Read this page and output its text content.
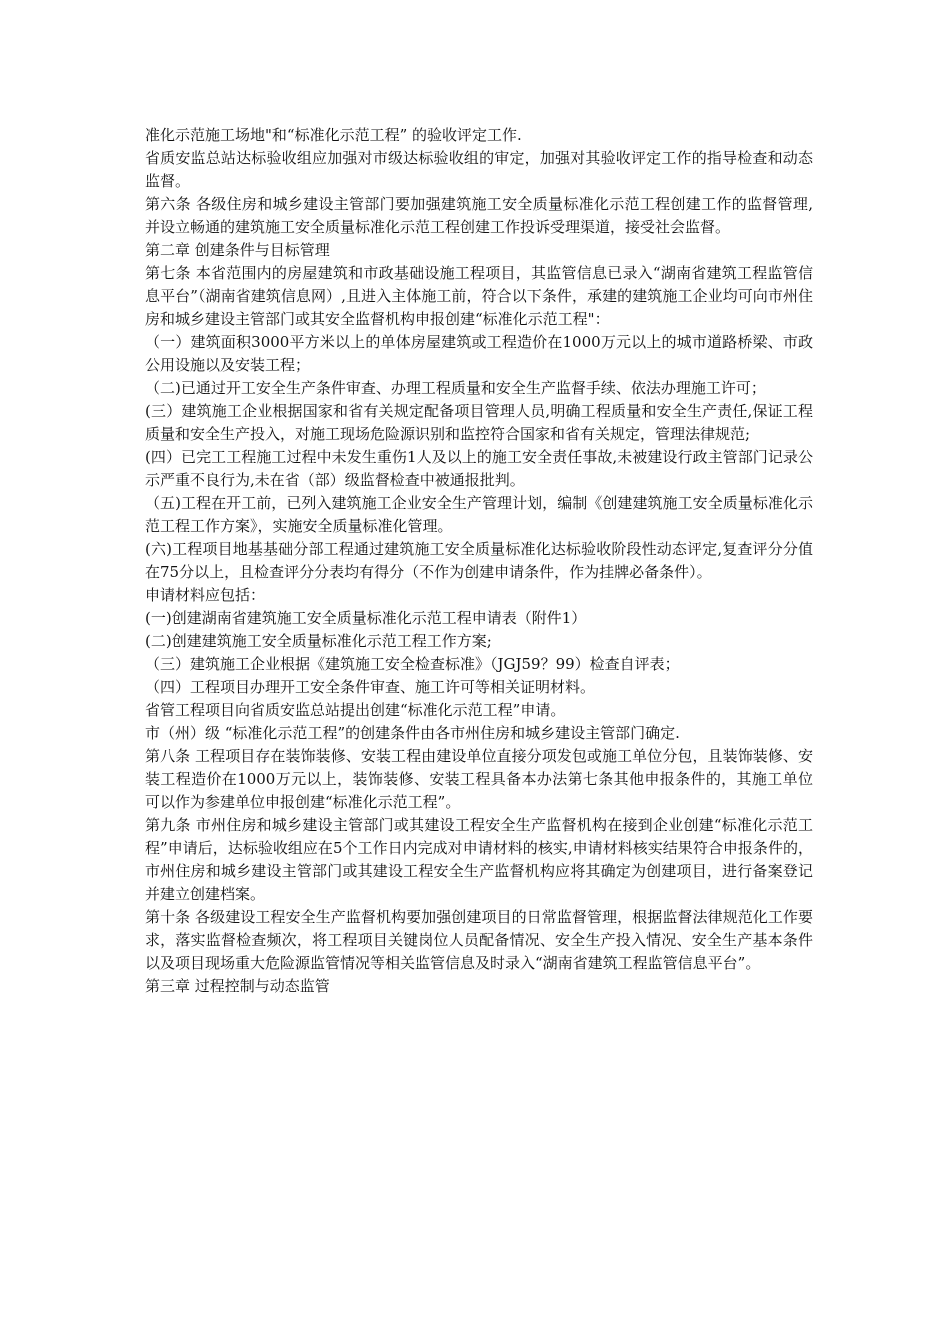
准化示范施工场地"和“标准化示范工程” 的验收评定工作.

省质安监总站达标验收组应加强对市级达标验收组的审定，加强对其验收评定工作的指导检查和动态监督。

第六条 各级住房和城乡建设主管部门要加强建筑施工安全质量标准化示范工程创建工作的监督管理,并设立畅通的建筑施工安全质量标准化示范工程创建工作投诉受理渠道，接受社会监督。

第二章 创建条件与目标管理

第七条 本省范围内的房屋建筑和市政基础设施工程项目，其监管信息已录入“湖南省建筑工程监管信息平台”（湖南省建筑信息网）,且进入主体施工前，符合以下条件，承建的建筑施工企业均可向市州住房和城乡建设主管部门或其安全监督机构申报创建“标准化示范工程"：

（一）建筑面积3000平方米以上的单体房屋建筑或工程造价在1000万元以上的城市道路桥梁、市政公用设施以及安装工程；

（二)已通过开工安全生产条件审查、办理工程质量和安全生产监督手续、依法办理施工许可；

(三）建筑施工企业根据国家和省有关规定配备项目管理人员,明确工程质量和安全生产责任,保证工程质量和安全生产投入，对施工现场危险源识别和监控符合国家和省有关规定，管理法律规范;

(四）已完工工程施工过程中未发生重伤1人及以上的施工安全责任事故,未被建设行政主管部门记录公示严重不良行为,未在省（部）级监督检查中被通报批判。

（五)工程在开工前，已列入建筑施工企业安全生产管理计划，编制《创建建筑施工安全质量标准化示范工程工作方案》，实施安全质量标准化管理。

(六)工程项目地基基础分部工程通过建筑施工安全质量标准化达标验收阶段性动态评定,复查评分分值在75分以上，且检查评分分表均有得分（不作为创建申请条件，作为挂牌必备条件）。

申请材料应包括：

(一)创建湖南省建筑施工安全质量标准化示范工程申请表（附件1）

(二)创建建筑施工安全质量标准化示范工程工作方案;

（三）建筑施工企业根据《建筑施工安全检查标准》（JGJ59？99）检查自评表；

（四）工程项目办理开工安全条件审查、施工许可等相关证明材料。

省管工程项目向省质安监总站提出创建“标准化示范工程”申请。

市（州）级 “标准化示范工程”的创建条件由各市州住房和城乡建设主管部门确定.

第八条 工程项目存在装饰装修、安装工程由建设单位直接分项发包或施工单位分包，且装饰装修、安装工程造价在1000万元以上，装饰装修、安装工程具备本办法第七条其他申报条件的，其施工单位可以作为参建单位申报创建“标准化示范工程”。

第九条 市州住房和城乡建设主管部门或其建设工程安全生产监督机构在接到企业创建“标准化示范工程”申请后，达标验收组应在5个工作日内完成对申请材料的核实,申请材料核实结果符合申报条件的，市州住房和城乡建设主管部门或其建设工程安全生产监督机构应将其确定为创建项目，进行备案登记并建立创建档案。

第十条 各级建设工程安全生产监督机构要加强创建项目的日常监督管理，根据监督法律规范化工作要求，落实监督检查频次，将工程项目关键岗位人员配备情况、安全生产投入情况、安全生产基本条件以及项目现场重大危险源监管情况等相关监管信息及时录入“湖南省建筑工程监管信息平台”。

第三章 过程控制与动态监管
